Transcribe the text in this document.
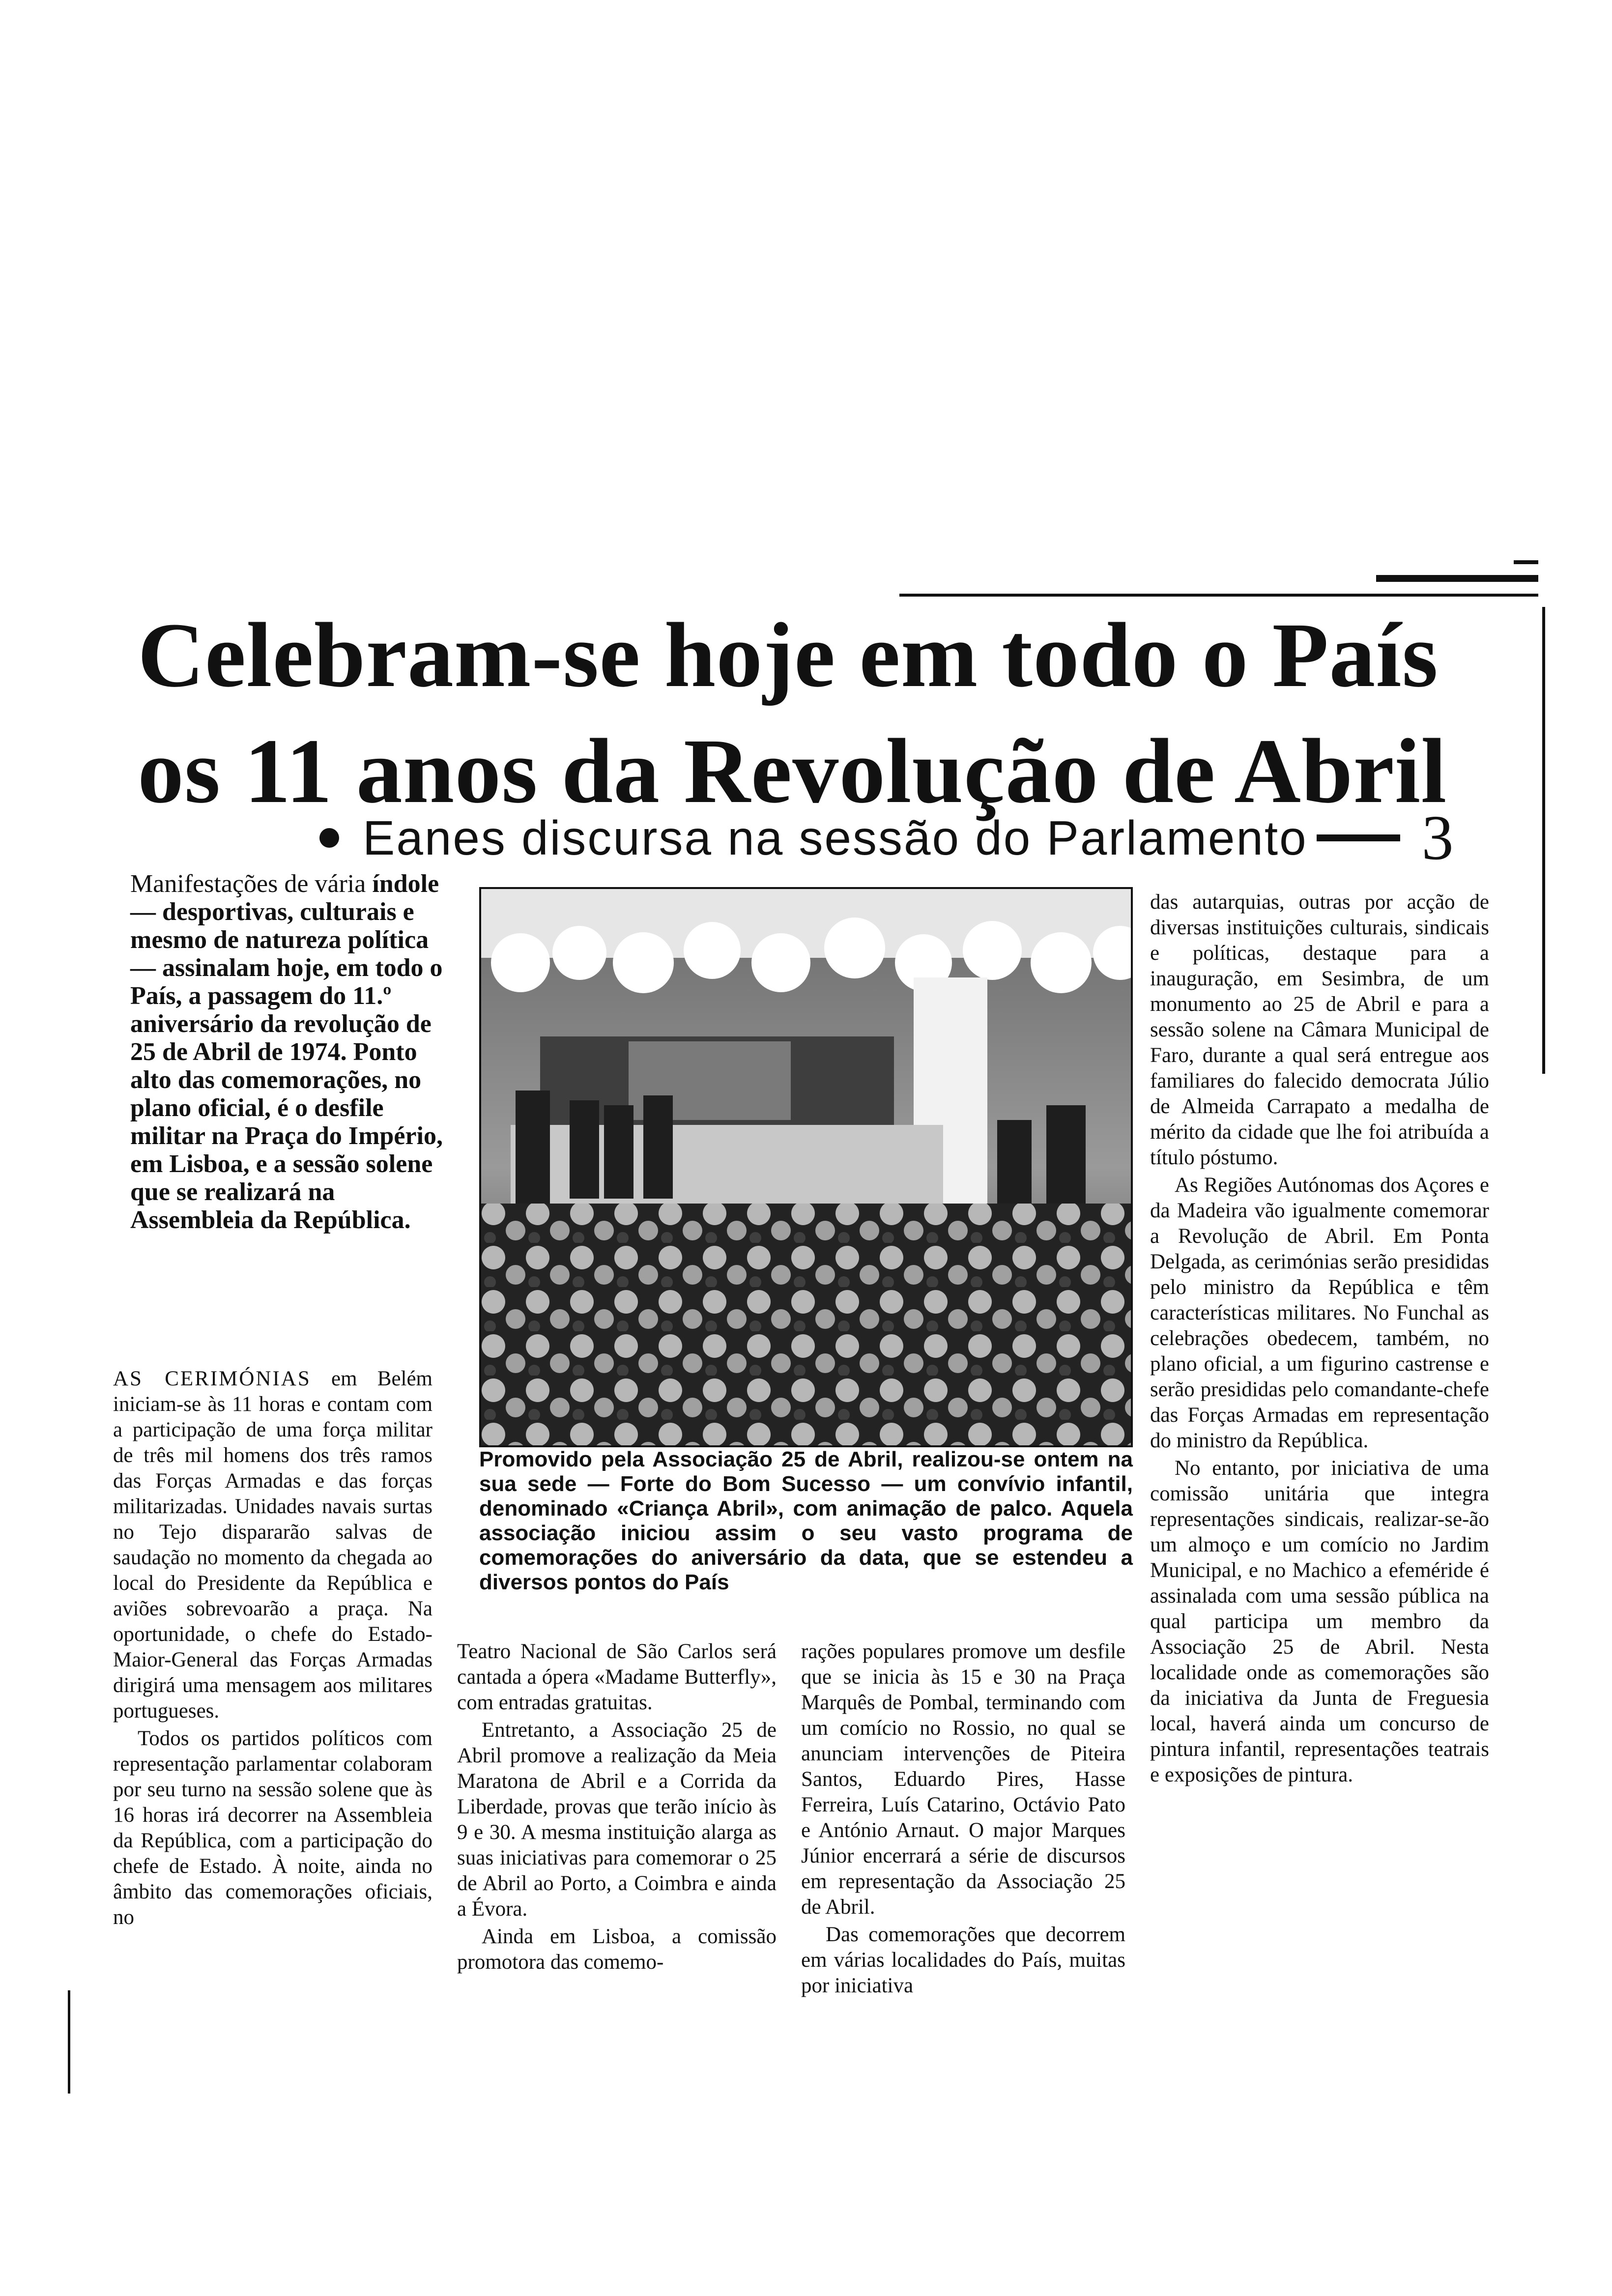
Celebram-se hoje em todo o País
os 11 anos da Revolução de Abril
Eanes discursa na sessão do Parlamento 3

Manifestações de vária índole — desportivas, culturais e mesmo de natureza política — assinalam hoje, em todo o País, a passagem do 11.º aniversário da revolução de 25 de Abril de 1974. Ponto alto das comemorações, no plano oficial, é o desfile militar na Praça do Império, em Lisboa, e a sessão solene que se realizará na Assembleia da República.

Promovido pela Associação 25 de Abril, realizou-se ontem na sua sede — Forte do Bom Sucesso — um convívio infantil, denominado «Criança Abril», com animação de palco. Aquela associação iniciou assim o seu vasto programa de comemorações do aniversário da data, que se estendeu a diversos pontos do País

AS CERIMÓNIAS em Belém iniciam-se às 11 horas e contam com a participação de uma força militar de três mil homens dos três ramos das Forças Armadas e das forças militarizadas. Unidades navais surtas no Tejo dispararão salvas de saudação no momento da chegada ao local do Presidente da República e aviões sobrevoarão a praça. Na oportunidade, o chefe do Estado-Maior-General das Forças Armadas dirigirá uma mensagem aos militares portugueses.

Todos os partidos políticos com representação parlamentar colaboram por seu turno na sessão solene que às 16 horas irá decorrer na Assembleia da República, com a participação do chefe de Estado. À noite, ainda no âmbito das comemorações oficiais, no

Teatro Nacional de São Carlos será cantada a ópera «Madame Butterfly», com entradas gratuitas.

Entretanto, a Associação 25 de Abril promove a realização da Meia Maratona de Abril e a Corrida da Liberdade, provas que terão início às 9 e 30. A mesma instituição alarga as suas iniciativas para comemorar o 25 de Abril ao Porto, a Coimbra e ainda a Évora.

Ainda em Lisboa, a comissão promotora das comemo-

rações populares promove um desfile que se inicia às 15 e 30 na Praça Marquês de Pombal, terminando com um comício no Rossio, no qual se anunciam intervenções de Piteira Santos, Eduardo Pires, Hasse Ferreira, Luís Catarino, Octávio Pato e António Arnaut. O major Marques Júnior encerrará a série de discursos em representação da Associação 25 de Abril.

Das comemorações que decorrem em várias localidades do País, muitas por iniciativa

das autarquias, outras por acção de diversas instituições culturais, sindicais e políticas, destaque para a inauguração, em Sesimbra, de um monumento ao 25 de Abril e para a sessão solene na Câmara Municipal de Faro, durante a qual será entregue aos familiares do falecido democrata Júlio de Almeida Carrapato a medalha de mérito da cidade que lhe foi atribuída a título póstumo.

As Regiões Autónomas dos Açores e da Madeira vão igualmente comemorar a Revolução de Abril. Em Ponta Delgada, as cerimónias serão presididas pelo ministro da República e têm características militares. No Funchal as celebrações obedecem, também, no plano oficial, a um figurino castrense e serão presididas pelo comandante-chefe das Forças Armadas em representação do ministro da República.

No entanto, por iniciativa de uma comissão unitária que integra representações sindicais, realizar-se-ão um almoço e um comício no Jardim Municipal, e no Machico a efeméride é assinalada com uma sessão pública na qual participa um membro da Associação 25 de Abril. Nesta localidade onde as comemorações são da iniciativa da Junta de Freguesia local, haverá ainda um concurso de pintura infantil, representações teatrais e exposições de pintura.
